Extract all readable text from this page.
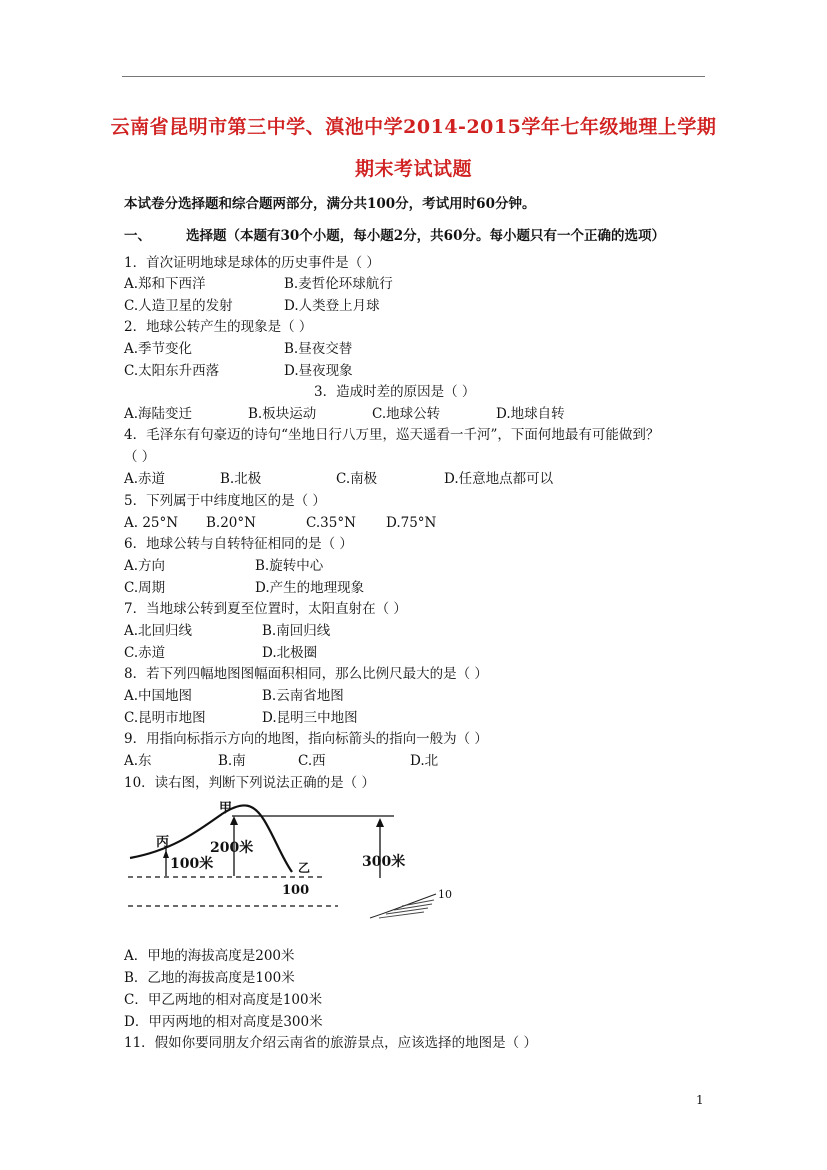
云南省昆明市第三中学、滇池中学2014-2015学年七年级地理上学期
期末考试试题
本试卷分选择题和综合题两部分，满分共100分，考试用时60分钟。
一、	选择题（本题有30个小题，每小题2分，共60分。每小题只有一个正确的选项）
1．首次证明地球是球体的历史事件是（ ）
A.郑和下西洋	B.麦哲伦环球航行
C.人造卫星的发射	D.人类登上月球
2．地球公转产生的现象是（ ）
A.季节变化	B.昼夜交替
C.太阳东升西落	D.昼夜现象
3．造成时差的原因是（ ）
A.海陆变迁	B.板块运动	C.地球公转	D.地球自转
4．毛泽东有句豪迈的诗句“坐地日行八万里，巡天遥看一千河”，下面何地最有可能做到？
（ ）
A.赤道	B.北极	C.南极	D.任意地点都可以
5．下列属于中纬度地区的是（ ）
A. 25°N B.20°N	C.35°N D.75°N
6．地球公转与自转特征相同的是（ ）
A.方向	B.旋转中心
C.周期	D.产生的地理现象
7．当地球公转到夏至位置时，太阳直射在（ ）
A.北回归线	B.南回归线
C.赤道	D.北极圈
8．若下列四幅地图图幅面积相同，那么比例尺最大的是（ ）
A.中国地图	B.云南省地图
C.昆明市地图	D.昆明三中地图
9．用指向标指示方向的地图，指向标箭头的指向一般为（ ）
A.东	B.南	C.西	D.北
10．读右图，判断下列说法正确的是（ ）
甲
丙
乙
200米
100米	300米
100	10
A．甲地的海拔高度是200米
B．乙地的海拔高度是100米
C．甲乙两地的相对高度是100米
D．甲丙两地的相对高度是300米
11．假如你要同朋友介绍云南省的旅游景点，应该选择的地图是（ ）
1
